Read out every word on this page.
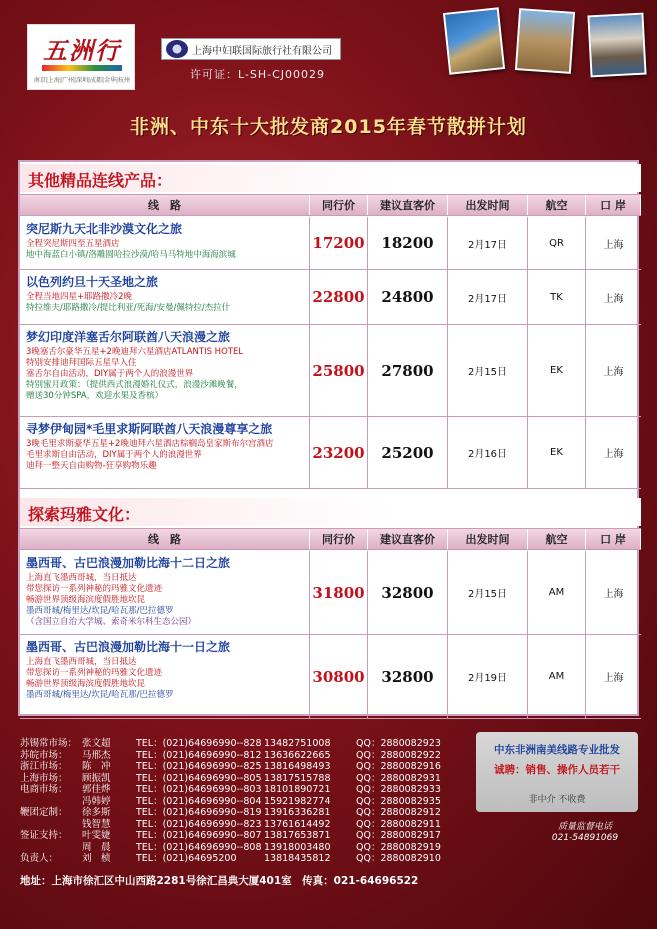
五洲行
南京|上海|广州|深圳|成都|金华|杭州
上海中妇联国际旅行社有限公司
许可证：L-SH-CJ00029
非洲、中东十大批发商2015年春节散拼计划
其他精品连线产品：
线　路	同行价	建议直客价	出发时间	航空	口 岸
突尼斯九天北非沙漠文化之旅
全程突尼斯四至五星酒店
地中海蓝白小镇/洛雕圆哈拉沙漠/哈马马特地中海海滨城
17200	18200	2月17日	QR	上海
以色列约旦十天圣地之旅
全程当地四星+耶路撒冷2晚
特拉维夫/耶路撒冷/提比利亚/死海/安曼/佩特拉/杰拉什
22800	24800	2月17日	TK	上海
梦幻印度洋塞舌尔阿联酋八天浪漫之旅
3晚塞舌尔豪华五星+2晚迪拜六星酒店ATLANTIS HOTEL
特别安排迪拜国际五星早入住
塞舌尔自由活动，DIY属于两个人的浪漫世界
特别蜜月政策：（提供西式浪漫婚礼仪式，浪漫沙滩晚餐，
赠送30分钟SPA，欢迎水果及香槟）
25800	27800	2月15日	EK	上海
寻梦伊甸园*毛里求斯阿联酋八天浪漫尊享之旅
3晚毛里求斯豪华五星+2晚迪拜六星酒店棕榈岛皇家斯布尔宫酒店
毛里求斯自由活动，DIY属于两个人的浪漫世界
迪拜一整天自由购物-狂享购物乐趣
23200	25200	2月16日	EK	上海
探索玛雅文化：
线　路	同行价	建议直客价	出发时间	航空	口 岸
墨西哥、古巴浪漫加勒比海十二日之旅
上海直飞墨西哥城，当日抵达
带您探访一系列神秘的玛雅文化遗迹
畅游世界顶级海滨度假胜地坎昆
墨西哥城/梅里达/坎昆/哈瓦那/巴拉德罗
（含国立自治大学城、索奇米尔科生态公园）
31800	32800	2月15日	AM	上海
墨西哥、古巴浪漫加勒比海十一日之旅
上海直飞墨西哥城，当日抵达
带您探访一系列神秘的玛雅文化遗迹
畅游世界顶级海滨度假胜地坎昆
墨西哥城/梅里达/坎昆/哈瓦那/巴拉德罗
30800	32800	2月19日	AM	上海
苏锡常市场： 张文超	TEL：(021)64696990--828 13482751008	QQ：2880082923
苏皖市场：	马邢杰	TEL：(021)64696990--812 13636622665	QQ：2880082922
浙江市场：	陈　冲	TEL：(021)64696990--825 13816498493	QQ：2880082916
上海市场：	顾振凯	TEL：(021)64696990--805 13817515788	QQ：2880082931
电商市场：	郭佳烨	TEL：(021)64696990--803 18101890721	QQ：2880082933
冯韩婷	TEL：(021)64696990--804 15921982774	QQ：2880082935
鞭团定制：	徐多斯	TEL：(021)64696990--819 13916336281	QQ：2880082912
钱智慧	TEL：(021)64696990--823 13761614492	QQ：2880082911
签证支持：	叶雯婕	TEL：(021)64696990--807 13817653871	QQ：2880082917
周　晨	TEL：(021)64696990--808 13918003480	QQ：2880082919
负责人：	刘　桢	TEL：(021)64695200	13818435812	QQ：2880082910
地址：上海市徐汇区中山西路2281号徐汇昌典大厦401室　传真：021-64696522
中东非洲南美线路专业批发
诚聘：销售、操作人员若干
非中介 不收费
质量监督电话
021-54891069
